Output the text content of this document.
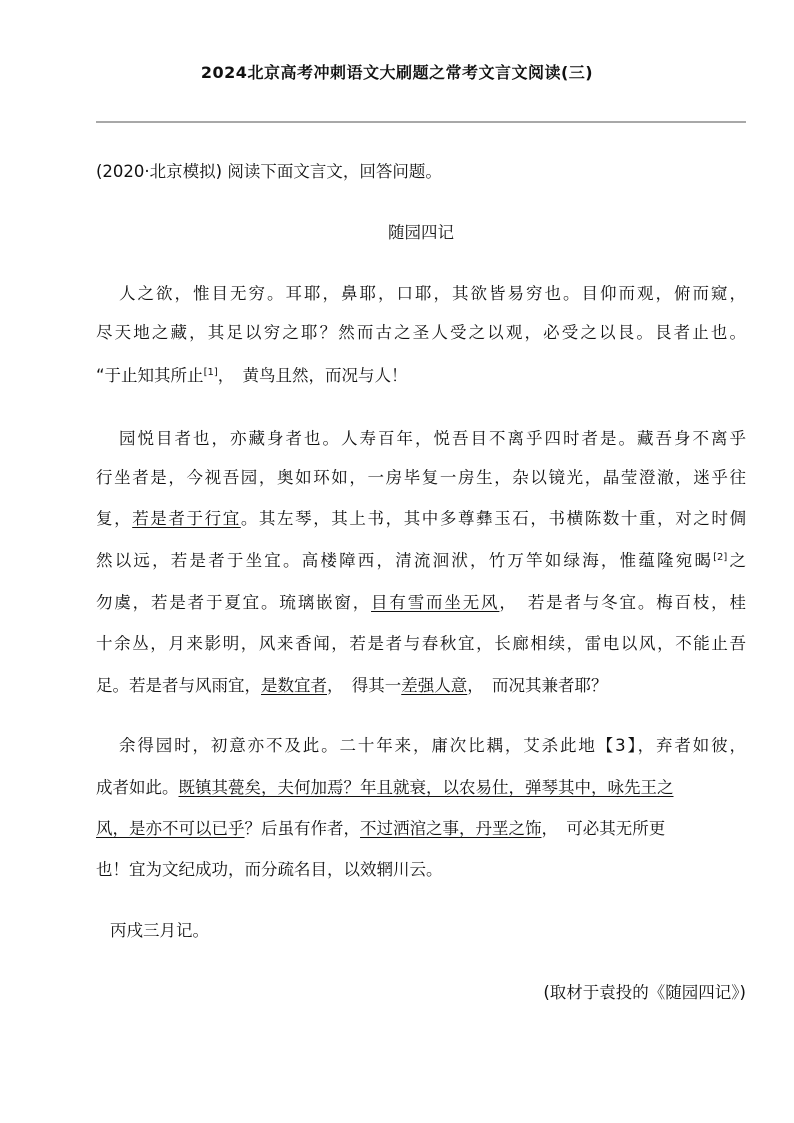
2024北京高考冲刺语文大刷题之常考文言文阅读(三)
(2020·北京模拟) 阅读下面文言文，回答问题。
随园四记
人之欲，惟目无穷。耳耶，鼻耶，口耶，其欲皆易穷也。目仰而观，俯而窥，
尽天地之藏，其足以穷之耶？然而古之圣人受之以观，必受之以艮。艮者止也。
“于止知其所止[1]，　黄鸟且然，而况与人！
园悦目者也，亦藏身者也。人寿百年，悦吾目不离乎四时者是。藏吾身不离乎
行坐者是，今视吾园，奥如环如，一房毕复一房生，杂以镜光，晶莹澄澈，迷乎往
复，若是者于行宜。其左琴，其上书，其中多尊彝玉石，书横陈数十重，对之时倜
然以远，若是者于坐宜。高楼障西，清流洄洑，竹万竿如绿海，惟蕴隆宛暍[2]之
勿虞，若是者于夏宜。琉璃嵌窗，目有雪而坐无风，　若是者与冬宜。梅百枝，桂
十余丛，月来影明，风来香闻，若是者与春秋宜，长廊相续，雷电以风，不能止吾
足。若是者与风雨宜，是数宜者，　得其一差强人意，　而况其兼者耶？
余得园时，初意亦不及此。二十年来，庸次比耦，艾杀此地【3】，弃者如彼，
成者如此。既镇其甍矣，夫何加焉？年且就衰，以农易仕，弹琴其中，咏先王之
风，是亦不可以已乎？后虽有作者，不过洒涫之事，丹垩之饰，　可必其无所更
也！宜为文纪成功，而分疏名目，以效辋川云。
丙戌三月记。
(取材于袁投的《随园四记》)
